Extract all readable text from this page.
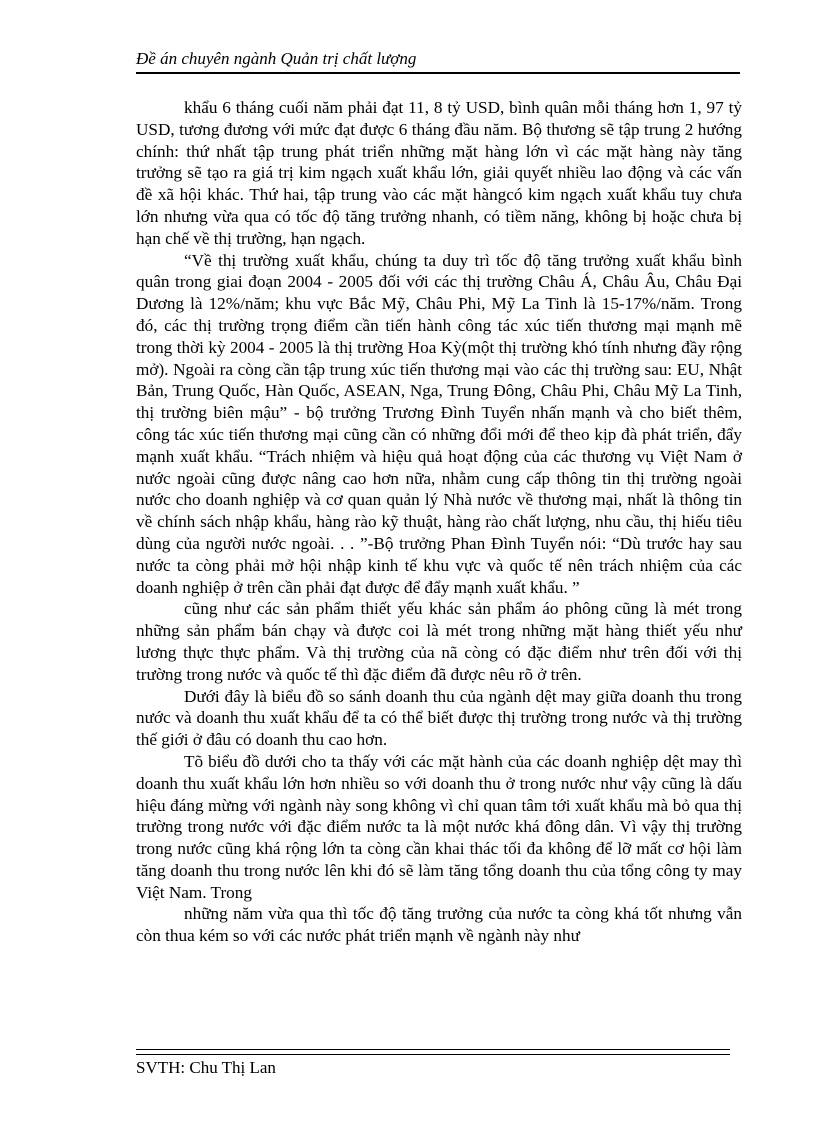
Đề án chuyên ngành Quản trị chất lượng

khẩu 6 tháng cuối năm phải đạt 11, 8 tỷ USD, bình quân mỗi tháng hơn 1, 97 tỷ USD, tương đương với mức đạt được 6 tháng đầu năm. Bộ thương sẽ tập trung 2 hướng chính: thứ nhất tập trung phát triển những mặt hàng lớn vì các mặt hàng này tăng trưởng sẽ tạo ra giá trị kim ngạch xuất khẩu lớn, giải quyết nhiều lao động và các vấn đề xã hội khác. Thứ hai, tập trung vào các mặt hàngcó kim ngạch xuất khẩu tuy chưa lớn nhưng vừa qua có tốc độ tăng trưởng nhanh, có tiềm năng, không bị hoặc chưa bị hạn chế về thị trường, hạn ngạch.

“Về thị trường xuất khẩu, chúng ta duy trì tốc độ tăng trưởng xuất khẩu bình quân trong giai đoạn 2004 - 2005 đối với các thị trường Châu Á, Châu Âu, Châu Đại Dương là 12%/năm; khu vực Bắc Mỹ, Châu Phi, Mỹ La Tinh là 15-17%/năm. Trong đó, các thị trường trọng điểm cần tiến hành công tác xúc tiến thương mại mạnh mẽ trong thời kỳ 2004 - 2005 là thị trường Hoa Kỳ(một thị trường khó tính nhưng đầy rộng mở). Ngoài ra còng cần tập trung xúc tiến thương mại vào các thị trường sau: EU, Nhật Bản, Trung Quốc, Hàn Quốc, ASEAN, Nga, Trung Đông, Châu Phi, Châu Mỹ La Tinh, thị trường biên mậu” - bộ trưởng Trương Đình Tuyển nhấn mạnh và cho biết thêm, công tác xúc tiến thương mại cũng cần có những đổi mới để theo kịp đà phát triển, đẩy mạnh xuất khẩu. “Trách nhiệm và hiệu quả hoạt động của các thương vụ Việt Nam ở nước ngoài cũng được nâng cao hơn nữa, nhằm cung cấp thông tin thị trường ngoài nước cho doanh nghiệp và cơ quan quản lý Nhà nước về thương mại, nhất là thông tin về chính sách nhập khẩu, hàng rào kỹ thuật, hàng rào chất lượng, nhu cầu, thị hiếu tiêu dùng của người nước ngoài. . . ”-Bộ trưởng Phan Đình Tuyển nói: “Dù trước hay sau nước ta còng phải mở hội nhập kinh tế khu vực và quốc tế nên trách nhiệm của các doanh nghiệp ở trên cần phải đạt được để đẩy mạnh xuất khẩu. ”

cũng như các sản phẩm thiết yếu khác sản phẩm áo phông cũng là mét trong những sản phẩm bán chạy và được coi là mét trong những mặt hàng thiết yếu như lương thực thực phẩm. Và thị trường của nã còng có đặc điểm như trên đối với thị trường trong nước và quốc tế thì đặc điểm đã được nêu rõ ở trên.

Dưới đây là biểu đồ so sánh doanh thu của ngành dệt may giữa doanh thu trong nước và doanh thu xuất khẩu để ta có thể biết được thị trường trong nước và thị trường thế giới ở đâu có doanh thu cao hơn.

Tõ biểu đồ dưới cho ta thấy với các mặt hành của các doanh nghiệp dệt may thì doanh thu xuất khẩu lớn hơn nhiều so với doanh thu ở trong nước như vậy cũng là dấu hiệu đáng mừng với ngành này song không vì chỉ quan tâm tới xuất khẩu mà bỏ qua thị trường trong nước với đặc điểm nước ta là một nước khá đông dân. Vì vậy thị trường trong nước cũng khá rộng lớn ta còng cần khai thác tối đa không để lỡ mất cơ hội làm tăng doanh thu trong nước lên khi đó sẽ làm tăng tổng doanh thu của tổng công ty may Việt Nam. Trong

những năm vừa qua thì tốc độ tăng trưởng của nước ta còng khá tốt nhưng vẫn còn thua kém so với các nước phát triển mạnh về ngành này như

SVTH: Chu Thị Lan
